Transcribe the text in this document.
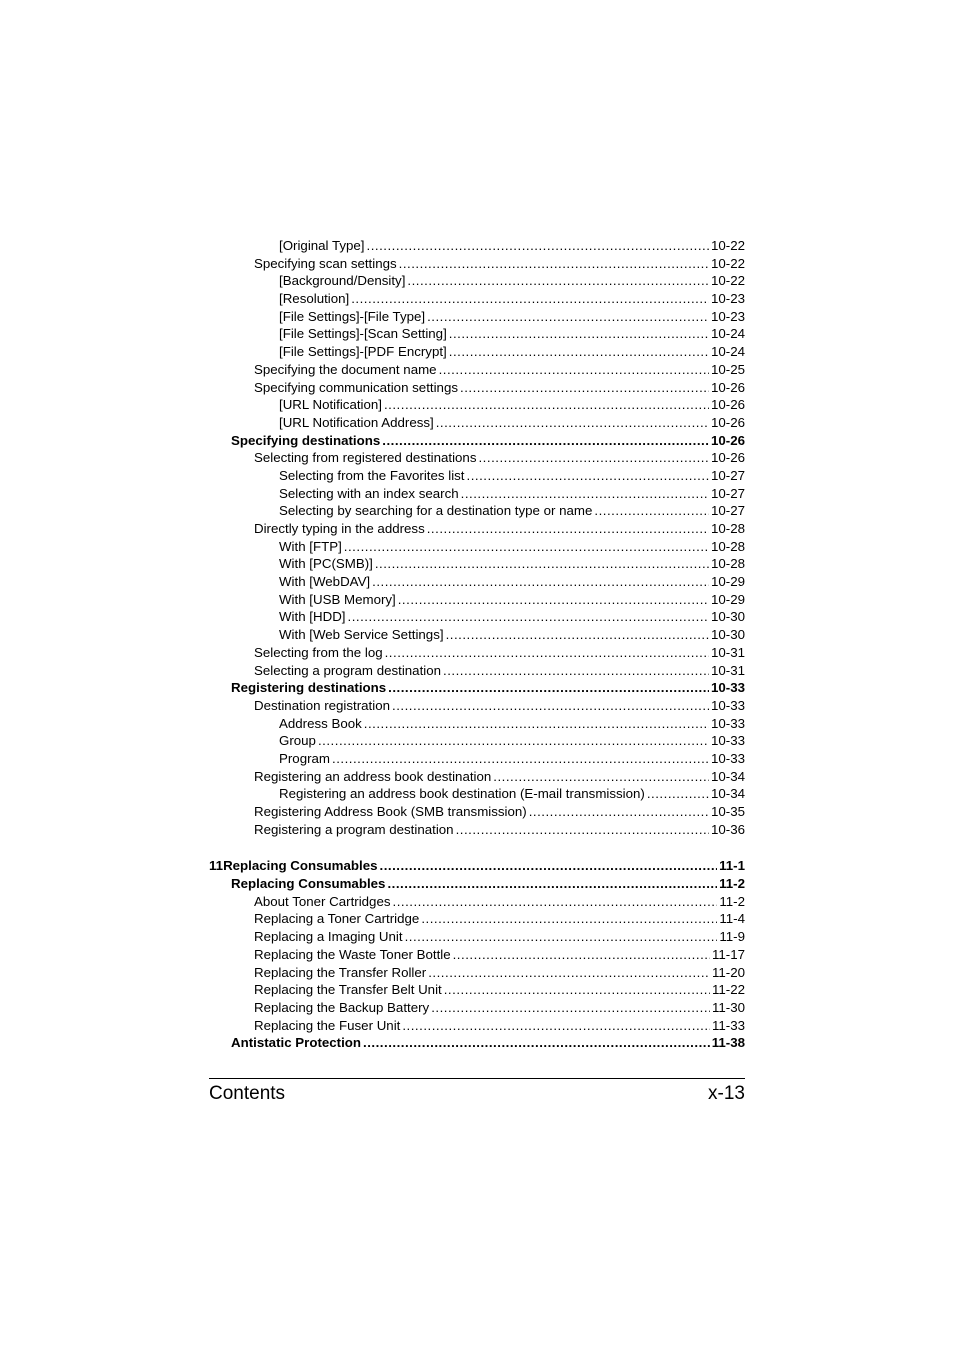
[Original Type] .....	10-22
Specifying scan settings .....	10-22
[Background/Density] .....	10-22
[Resolution] .....	10-23
[File Settings]-[File Type] .....	10-23
[File Settings]-[Scan Setting] .....	10-24
[File Settings]-[PDF Encrypt] .....	10-24
Specifying the document name .....	10-25
Specifying communication settings .....	10-26
[URL Notification] .....	10-26
[URL Notification Address] .....	10-26
Specifying destinations .....	10-26
Selecting from registered destinations .....	10-26
Selecting from the Favorites list .....	10-27
Selecting with an index search .....	10-27
Selecting by searching for a destination type or name .....	10-27
Directly typing in the address .....	10-28
With [FTP] .....	10-28
With [PC(SMB)] .....	10-28
With [WebDAV] .....	10-29
With [USB Memory] .....	10-29
With [HDD] .....	10-30
With [Web Service Settings] .....	10-30
Selecting from the log .....	10-31
Selecting a program destination .....	10-31
Registering destinations .....	10-33
Destination registration .....	10-33
Address Book .....	10-33
Group .....	10-33
Program .....	10-33
Registering an address book destination .....	10-34
Registering an address book destination (E-mail transmission) .....	10-34
Registering Address Book (SMB transmission) .....	10-35
Registering a program destination .....	10-36
11 Replacing Consumables .....	11-1
Replacing Consumables .....	11-2
About Toner Cartridges .....	11-2
Replacing a Toner Cartridge .....	11-4
Replacing a Imaging Unit .....	11-9
Replacing the Waste Toner Bottle .....	11-17
Replacing the Transfer Roller .....	11-20
Replacing the Transfer Belt Unit .....	11-22
Replacing the Backup Battery .....	11-30
Replacing the Fuser Unit .....	11-33
Antistatic Protection .....	11-38
Contents	x-13
